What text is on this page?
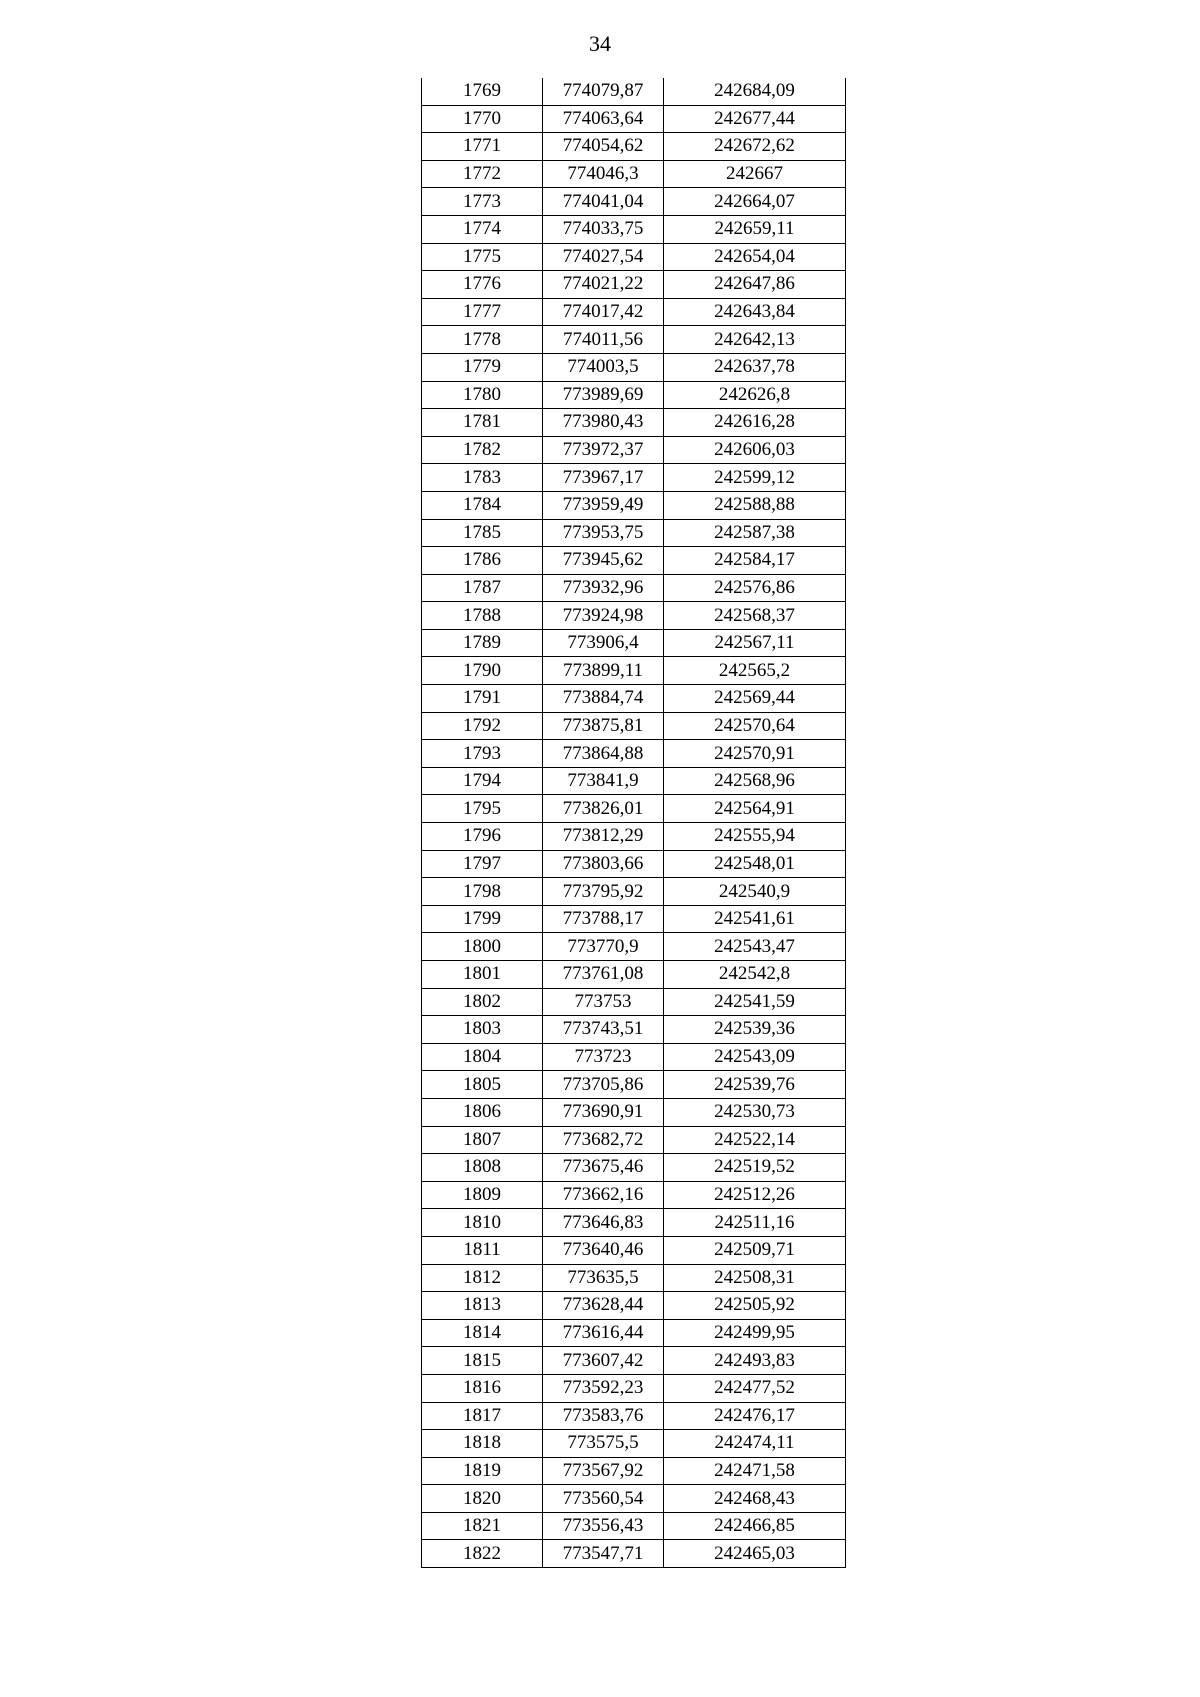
34
1769	774079,87	242684,09
1770	774063,64	242677,44
1771	774054,62	242672,62
1772	774046,3	242667
1773	774041,04	242664,07
1774	774033,75	242659,11
1775	774027,54	242654,04
1776	774021,22	242647,86
1777	774017,42	242643,84
1778	774011,56	242642,13
1779	774003,5	242637,78
1780	773989,69	242626,8
1781	773980,43	242616,28
1782	773972,37	242606,03
1783	773967,17	242599,12
1784	773959,49	242588,88
1785	773953,75	242587,38
1786	773945,62	242584,17
1787	773932,96	242576,86
1788	773924,98	242568,37
1789	773906,4	242567,11
1790	773899,11	242565,2
1791	773884,74	242569,44
1792	773875,81	242570,64
1793	773864,88	242570,91
1794	773841,9	242568,96
1795	773826,01	242564,91
1796	773812,29	242555,94
1797	773803,66	242548,01
1798	773795,92	242540,9
1799	773788,17	242541,61
1800	773770,9	242543,47
1801	773761,08	242542,8
1802	773753	242541,59
1803	773743,51	242539,36
1804	773723	242543,09
1805	773705,86	242539,76
1806	773690,91	242530,73
1807	773682,72	242522,14
1808	773675,46	242519,52
1809	773662,16	242512,26
1810	773646,83	242511,16
1811	773640,46	242509,71
1812	773635,5	242508,31
1813	773628,44	242505,92
1814	773616,44	242499,95
1815	773607,42	242493,83
1816	773592,23	242477,52
1817	773583,76	242476,17
1818	773575,5	242474,11
1819	773567,92	242471,58
1820	773560,54	242468,43
1821	773556,43	242466,85
1822	773547,71	242465,03
